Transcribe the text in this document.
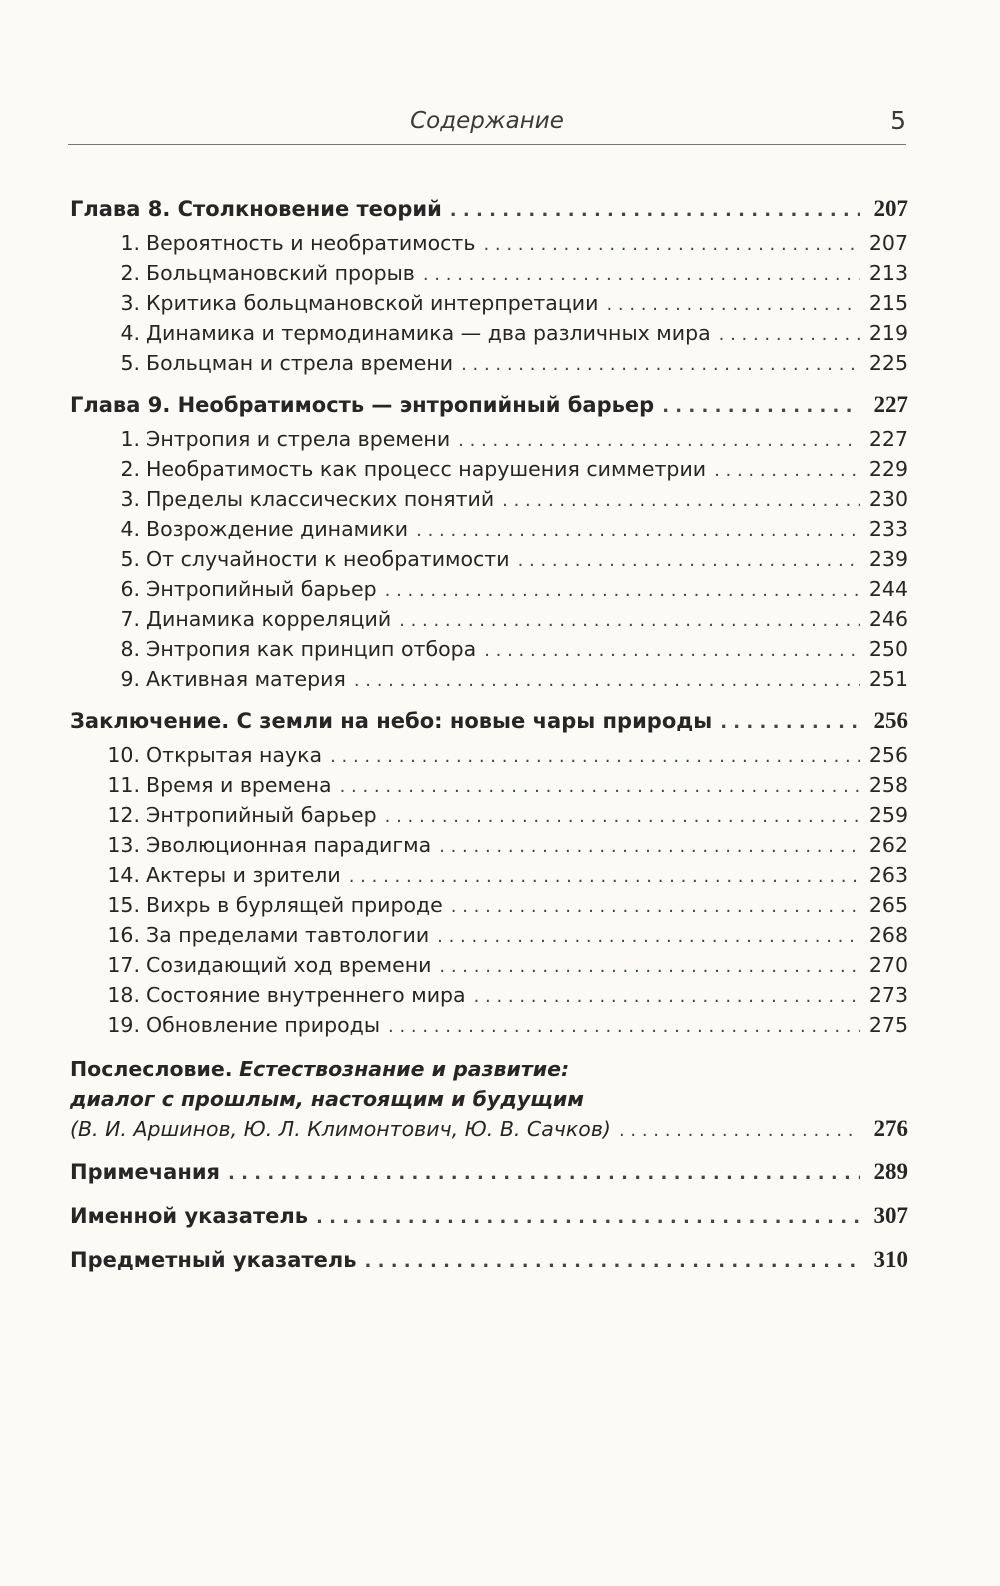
Содержание	5
Глава 8. Столкновение теорий . . .	207
1. Вероятность и необратимость . . .	207
2. Больцмановский прорыв . . .	213
3. Критика больцмановской интерпретации . . .	215
4. Динамика и термодинамика — два различных мира . . .	219
5. Больцман и стрела времени . . .	225
Глава 9. Необратимость — энтропийный барьер . . .	227
1. Энтропия и стрела времени . . .	227
2. Необратимость как процесс нарушения симметрии . . .	229
3. Пределы классических понятий . . .	230
4. Возрождение динамики . . .	233
5. От случайности к необратимости . . .	239
6. Энтропийный барьер . . .	244
7. Динамика корреляций . . .	246
8. Энтропия как принцип отбора . . .	250
9. Активная материя . . .	251
Заключение. С земли на небо: новые чары природы . . .	256
10. Открытая наука . . .	256
11. Время и времена . . .	258
12. Энтропийный барьер . . .	259
13. Эволюционная парадигма . . .	262
14. Актеры и зрители . . .	263
15. Вихрь в бурлящей природе . . .	265
16. За пределами тавтологии . . .	268
17. Созидающий ход времени . . .	270
18. Состояние внутреннего мира . . .	273
19. Обновление природы . . .	275
Послесловие. Естествознание и развитие:
диалог с прошлым, настоящим и будущим
(В. И. Аршинов, Ю. Л. Климонтович, Ю. В. Сачков) . . .	276
Примечания . . .	289
Именной указатель . . .	307
Предметный указатель . . .	310
